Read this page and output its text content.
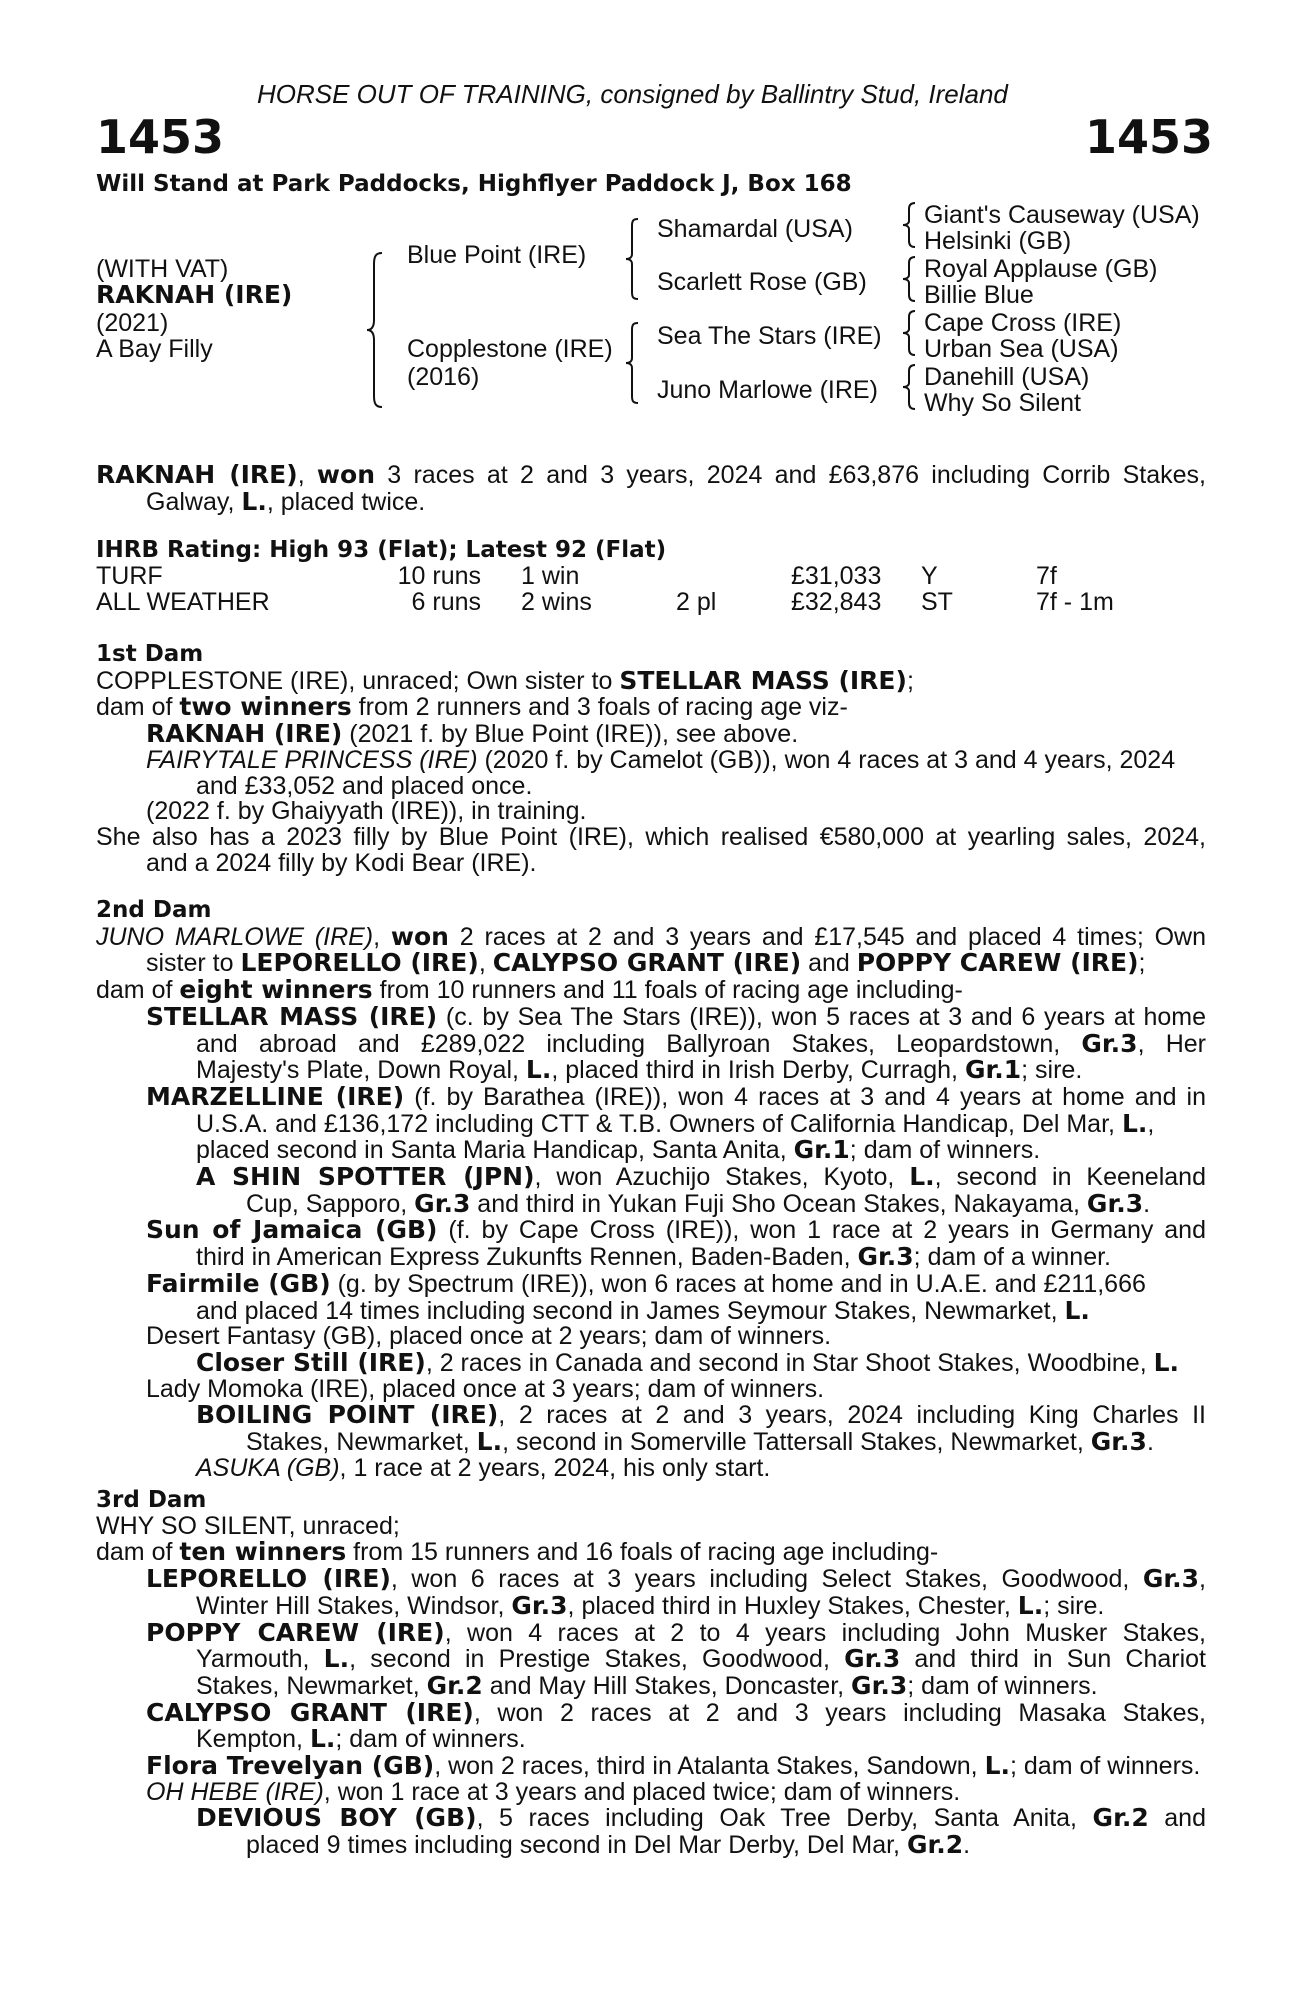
HORSE OUT OF TRAINING, consigned by Ballintry Stud, Ireland
1453	1453
Will Stand at Park Paddocks, Highflyer Paddock J, Box 168
(WITH VAT)
RAKNAH (IRE)
(2021)
A Bay Filly
Blue Point (IRE)
Copplestone (IRE)
(2016)
Shamardal (USA)
Scarlett Rose (GB)
Sea The Stars (IRE)
Juno Marlowe (IRE)
Giant's Causeway (USA)
Helsinki (GB)
Royal Applause (GB)
Billie Blue
Cape Cross (IRE)
Urban Sea (USA)
Danehill (USA)
Why So Silent
RAKNAH (IRE), won 3 races at 2 and 3 years, 2024 and £63,876 including Corrib Stakes,
Galway, L., placed twice.
IHRB Rating: High 93 (Flat); Latest 92 (Flat)
TURF	10 runs	1 win		£31,033	Y	7f
ALL WEATHER	6 runs	2 wins	2 pl	£32,843	ST	7f - 1m
1st Dam
COPPLESTONE (IRE), unraced; Own sister to STELLAR MASS (IRE);
dam of two winners from 2 runners and 3 foals of racing age viz-
RAKNAH (IRE) (2021 f. by Blue Point (IRE)), see above.
FAIRYTALE PRINCESS (IRE) (2020 f. by Camelot (GB)), won 4 races at 3 and 4 years, 2024
and £33,052 and placed once.
(2022 f. by Ghaiyyath (IRE)), in training.
She also has a 2023 filly by Blue Point (IRE), which realised €580,000 at yearling sales, 2024,
and a 2024 filly by Kodi Bear (IRE).
2nd Dam
JUNO MARLOWE (IRE), won 2 races at 2 and 3 years and £17,545 and placed 4 times; Own
sister to LEPORELLO (IRE), CALYPSO GRANT (IRE) and POPPY CAREW (IRE);
dam of eight winners from 10 runners and 11 foals of racing age including-
STELLAR MASS (IRE) (c. by Sea The Stars (IRE)), won 5 races at 3 and 6 years at home
and abroad and £289,022 including Ballyroan Stakes, Leopardstown, Gr.3, Her
Majesty's Plate, Down Royal, L., placed third in Irish Derby, Curragh, Gr.1; sire.
MARZELLINE (IRE) (f. by Barathea (IRE)), won 4 races at 3 and 4 years at home and in
U.S.A. and £136,172 including CTT & T.B. Owners of California Handicap, Del Mar, L.,
placed second in Santa Maria Handicap, Santa Anita, Gr.1; dam of winners.
A SHIN SPOTTER (JPN), won Azuchijo Stakes, Kyoto, L., second in Keeneland
Cup, Sapporo, Gr.3 and third in Yukan Fuji Sho Ocean Stakes, Nakayama, Gr.3.
Sun of Jamaica (GB) (f. by Cape Cross (IRE)), won 1 race at 2 years in Germany and
third in American Express Zukunfts Rennen, Baden-Baden, Gr.3; dam of a winner.
Fairmile (GB) (g. by Spectrum (IRE)), won 6 races at home and in U.A.E. and £211,666
and placed 14 times including second in James Seymour Stakes, Newmarket, L.
Desert Fantasy (GB), placed once at 2 years; dam of winners.
Closer Still (IRE), 2 races in Canada and second in Star Shoot Stakes, Woodbine, L.
Lady Momoka (IRE), placed once at 3 years; dam of winners.
BOILING POINT (IRE), 2 races at 2 and 3 years, 2024 including King Charles II
Stakes, Newmarket, L., second in Somerville Tattersall Stakes, Newmarket, Gr.3.
ASUKA (GB), 1 race at 2 years, 2024, his only start.
3rd Dam
WHY SO SILENT, unraced;
dam of ten winners from 15 runners and 16 foals of racing age including-
LEPORELLO (IRE), won 6 races at 3 years including Select Stakes, Goodwood, Gr.3,
Winter Hill Stakes, Windsor, Gr.3, placed third in Huxley Stakes, Chester, L.; sire.
POPPY CAREW (IRE), won 4 races at 2 to 4 years including John Musker Stakes,
Yarmouth, L., second in Prestige Stakes, Goodwood, Gr.3 and third in Sun Chariot
Stakes, Newmarket, Gr.2 and May Hill Stakes, Doncaster, Gr.3; dam of winners.
CALYPSO GRANT (IRE), won 2 races at 2 and 3 years including Masaka Stakes,
Kempton, L.; dam of winners.
Flora Trevelyan (GB), won 2 races, third in Atalanta Stakes, Sandown, L.; dam of winners.
OH HEBE (IRE), won 1 race at 3 years and placed twice; dam of winners.
DEVIOUS BOY (GB), 5 races including Oak Tree Derby, Santa Anita, Gr.2 and
placed 9 times including second in Del Mar Derby, Del Mar, Gr.2.
